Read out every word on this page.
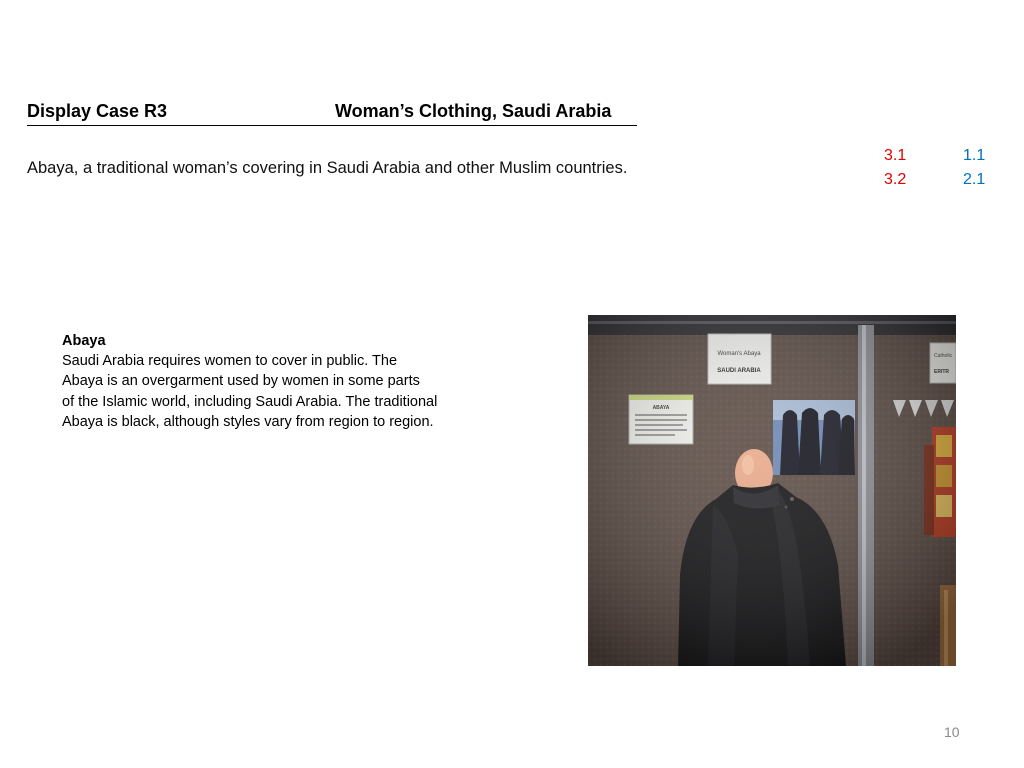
Display Case R3	Woman’s Clothing, Saudi Arabia
Abaya, a traditional woman’s covering in Saudi Arabia and other Muslim countries.
3.1	1.1
3.2	2.1
Abaya
Saudi Arabia requires women to cover in public. The
Abaya is an overgarment used by women in some parts
of the Islamic world, including Saudi Arabia. The traditional
Abaya is black, although styles vary from region to region.
10
